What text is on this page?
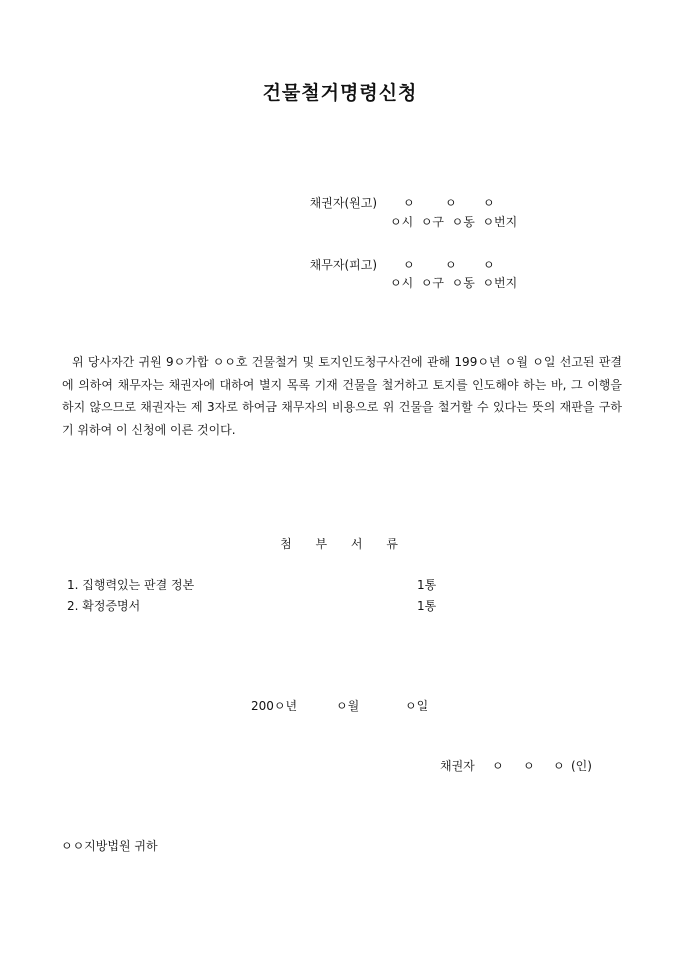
건물철거명령신청
채권자(원고) ㅇ	ㅇ ㅇ
ㅇ시  ㅇ구  ㅇ동  ㅇ번지
채무자(피고) ㅇ	ㅇ ㅇ
ㅇ시  ㅇ구  ㅇ동  ㅇ번지
위 당사자간 귀원 9ㅇ가합 ㅇㅇ호 건물철거 및 토지인도청구사건에 관해 199ㅇ년 ㅇ월 ㅇ일 선고된 판결에 의하여 채무자는 채권자에 대하여 별지 목록 기재 건물을 철거하고 토지를 인도해야 하는 바, 그 이행을 하지 않으므로 채권자는 제 3자로 하여금 채무자의 비용으로 위 건물을 철거할 수 있다는 뜻의 재판을 구하기 위하여 이 신청에 이른 것이다.
첨 부 서 류
1. 집행력있는 판결 정본	1통
2. 확정증명서	1통
200ㅇ년	ㅇ월	ㅇ일
채권자 ㅇ ㅇ ㅇ (인)
ㅇㅇ지방법원 귀하
